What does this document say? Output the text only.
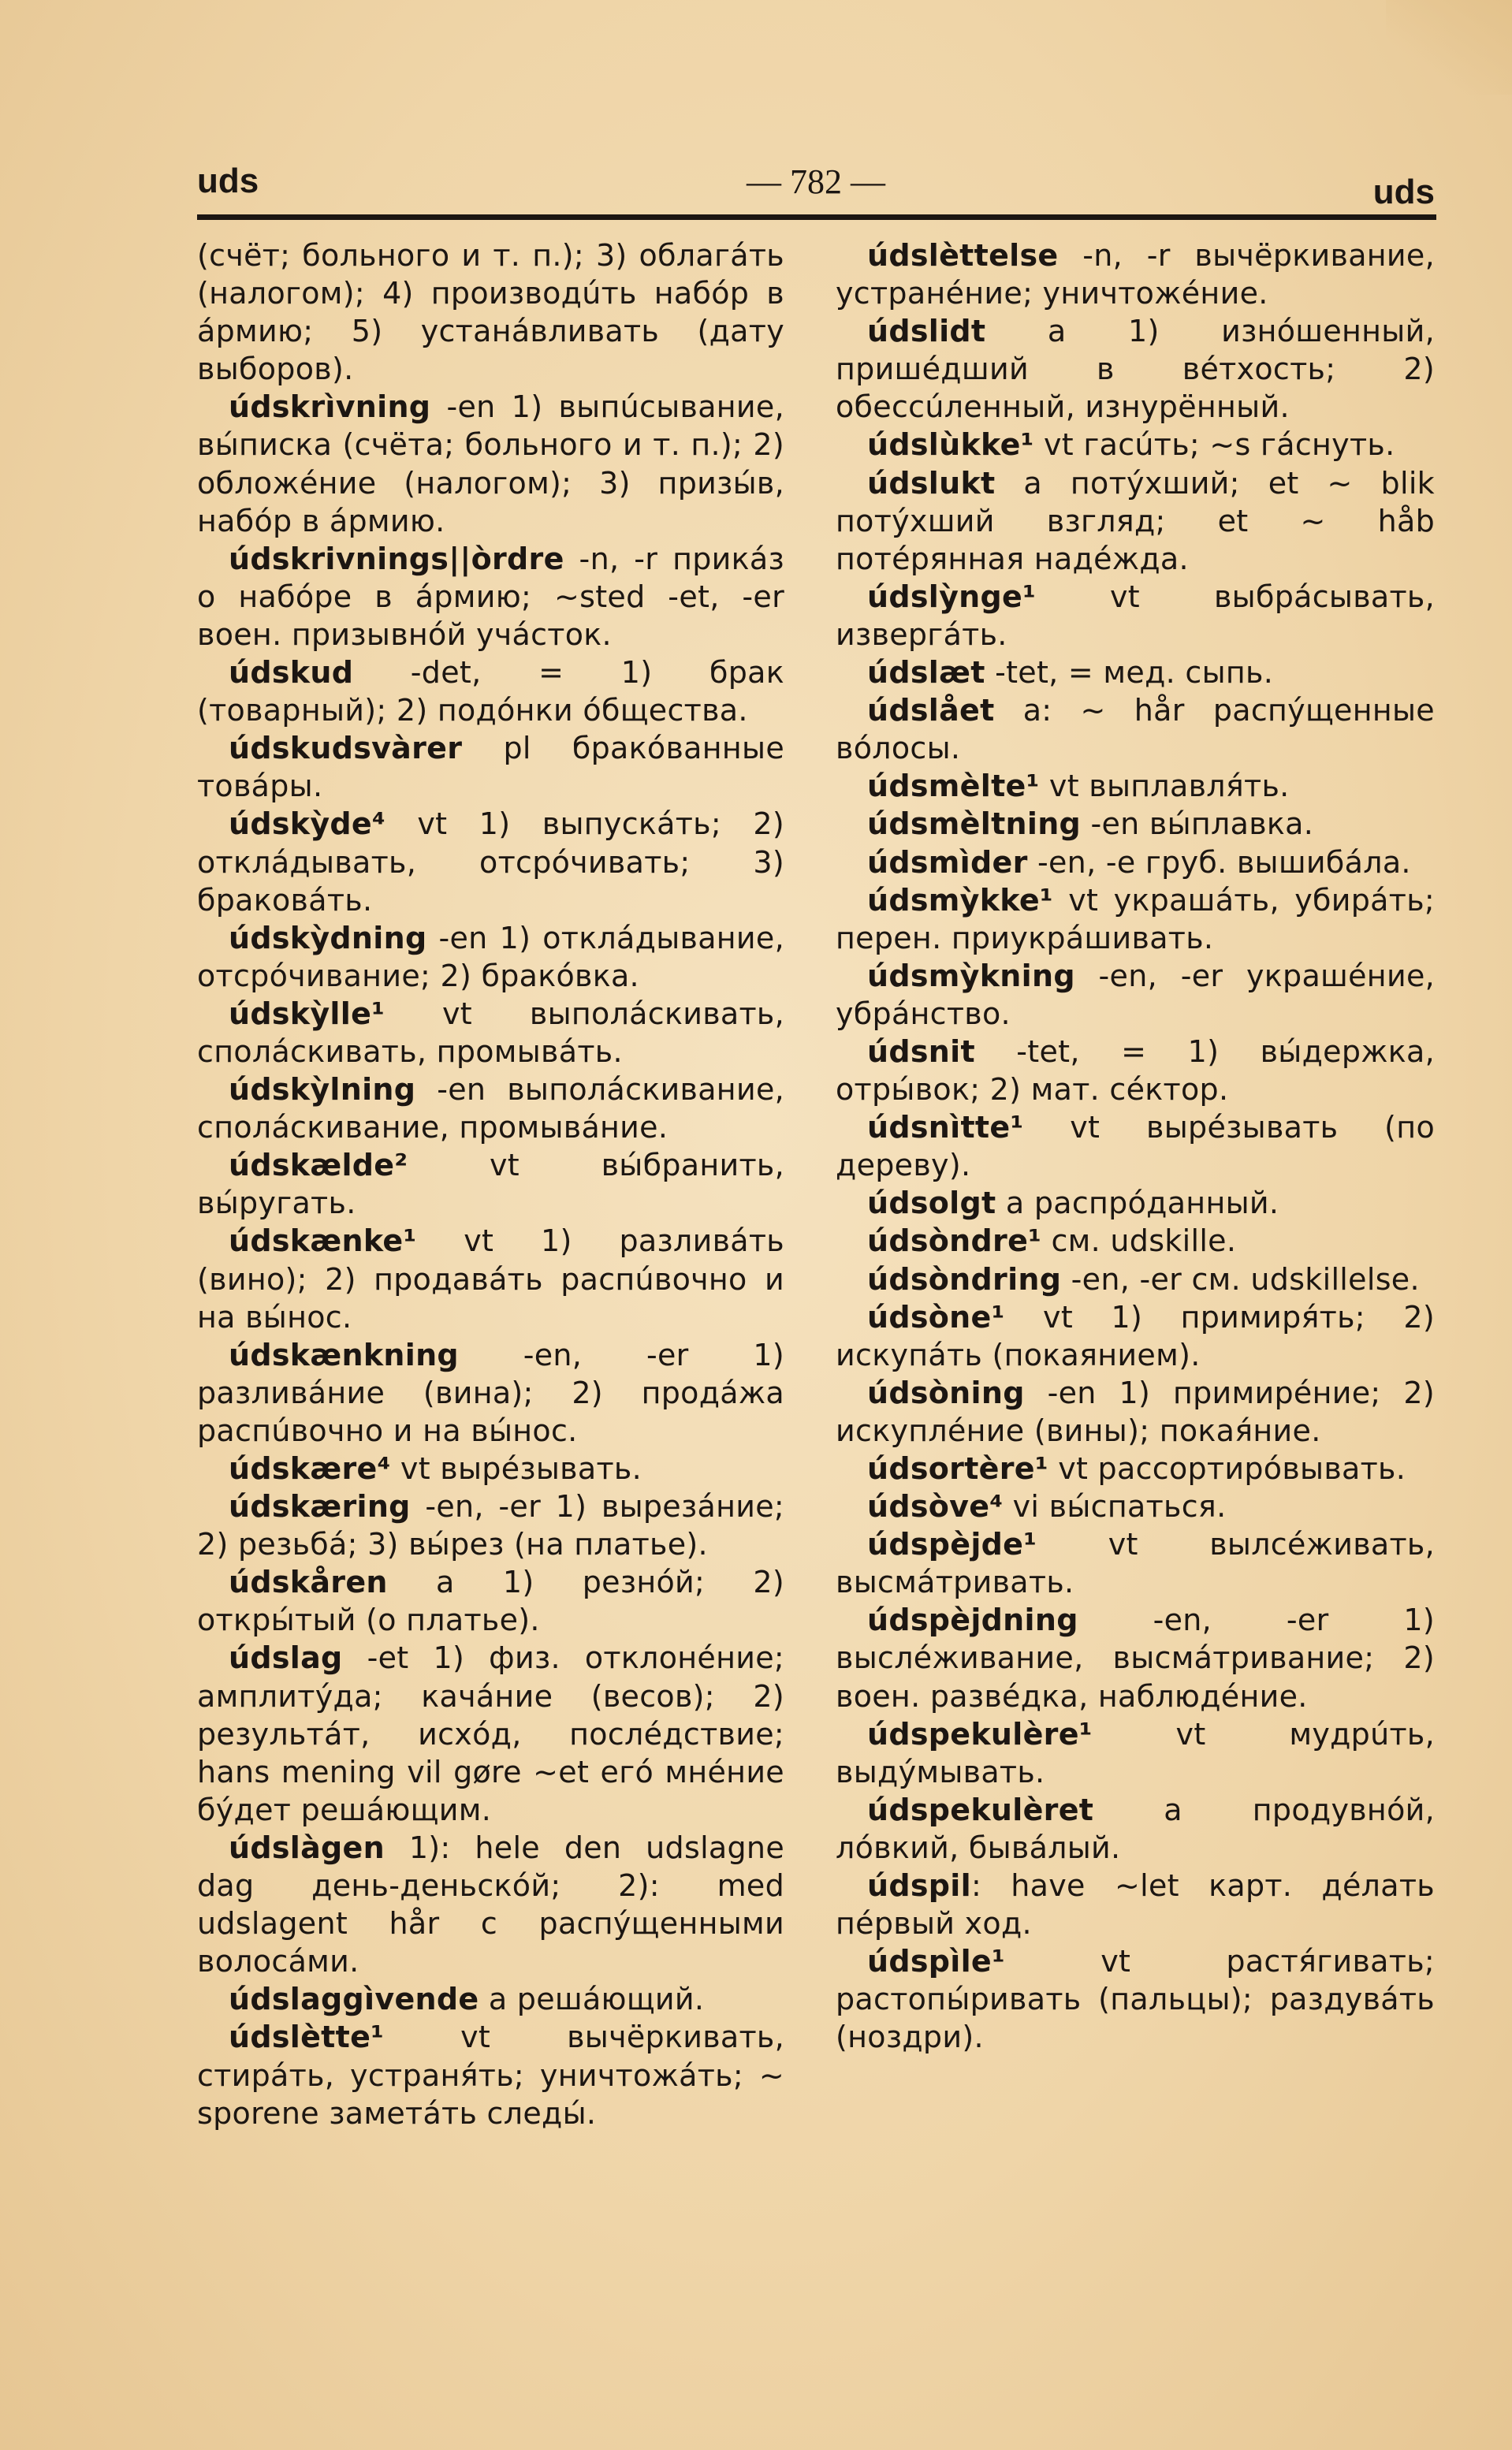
uds	— 782 —	uds

(счёт; больного и т. п.); 3) облагáть (налогом); 4) производúть набóр в áрмию; 5) устанáвливать (дату выборов).

údskrìvning -en 1) выпúсывание, вы́писка (счёта; больного и т. п.); 2) обложéние (налогом); 3) призы́в, набóр в áрмию.

údskrivnings||òrdre -n, -r прикáз о набóре в áрмию; ~sted -et, -er воен. призывнóй учáсток.

údskud -det, = 1) брак (товарный); 2) подóнки óбщества.

údskudsvàrer pl бракóванные товáры.

údskỳde⁴ vt 1) выпускáть; 2) отклáдывать, отсрóчивать; 3) браковáть.

údskỳdning -en 1) отклáдывание, отсрóчивание; 2) бракóвка.

údskỳlle¹ vt выполáскивать, сполáскивать, промывáть.

údskỳlning -en выполáскивание, сполáскивание, промывáние.

údskælde² vt вы́бранить, вы́ругать.

údskænke¹ vt 1) разливáть (вино); 2) продавáть распúвочно и на вы́нос.

údskænkning -en, -er 1) разливáние (вина); 2) продáжа распúвочно и на вы́нос.

údskære⁴ vt вырéзывать.

údskæring -en, -er 1) вырезáние; 2) резьбá; 3) вы́рез (на платье).

údskåren a 1) резнóй; 2) откры́тый (о платье).

údslag -et 1) физ. отклонéние; амплитýда; качáние (весов); 2) результáт, исхóд, послéдствие; hans mening vil gøre ~et егó мнéние бýдет решáющим.

údslàgen 1): hele den udslagne dag день-деньскóй; 2): med udslagent hår с распýщенными волосáми.

údslaggìvende a решáющий.

údslètte¹ vt вычёркивать, стирáть, устраня́ть; уничтожáть; ~ sporene заметáть следы́.

údslèttelse -n, -r вычёркивание, устранéние; уничтожéние.

údslidt a 1) изнóшенный, пришéдший в вéтхость; 2) обессúленный, изнурённый.

údslùkke¹ vt гасúть; ~s гáснуть.

údslukt a потýхший; et ~ blik потýхший взгляд; et ~ håb потéрянная надéжда.

údslỳnge¹ vt выбрáсывать, извергáть.

údslæt -tet, = мед. сыпь.

údslået a: ~ hår распýщенные вóлосы.

údsmèlte¹ vt выплавля́ть.

údsmèltning -en вы́плавка.

údsmìder -en, -e груб. вышибáла.

údsmỳkke¹ vt украшáть, убирáть; перен. приукрáшивать.

údsmỳkning -en, -er украшéние, убрáнство.

údsnit -tet, = 1) вы́держка, отры́вок; 2) мат. сéктор.

údsnìtte¹ vt вырéзывать (по дереву).

údsolgt a распрóданный.

údsòndre¹ см. udskille.

údsòndring -en, -er см. udskillelse.

údsòne¹ vt 1) примиря́ть; 2) искупáть (покаянием).

údsòning -en 1) примирéние; 2) искуплéние (вины); покая́ние.

údsortère¹ vt рассортирóвывать.

údsòve⁴ vi вы́спаться.

údspèjde¹ vt вылсéживать, высмáтривать.

údspèjdning -en, -er 1) выслéживание, высмáтривание; 2) воен. развéдка, наблюдéние.

údspekulère¹ vt мудрúть, выдýмывать.

údspekulèret a продувнóй, лóвкий, бывáлый.

údspil: have ~let карт. дéлать пéрвый ход.

údspìle¹ vt растя́гивать; растопы́ривать (пальцы); раздувáть (ноздри).
